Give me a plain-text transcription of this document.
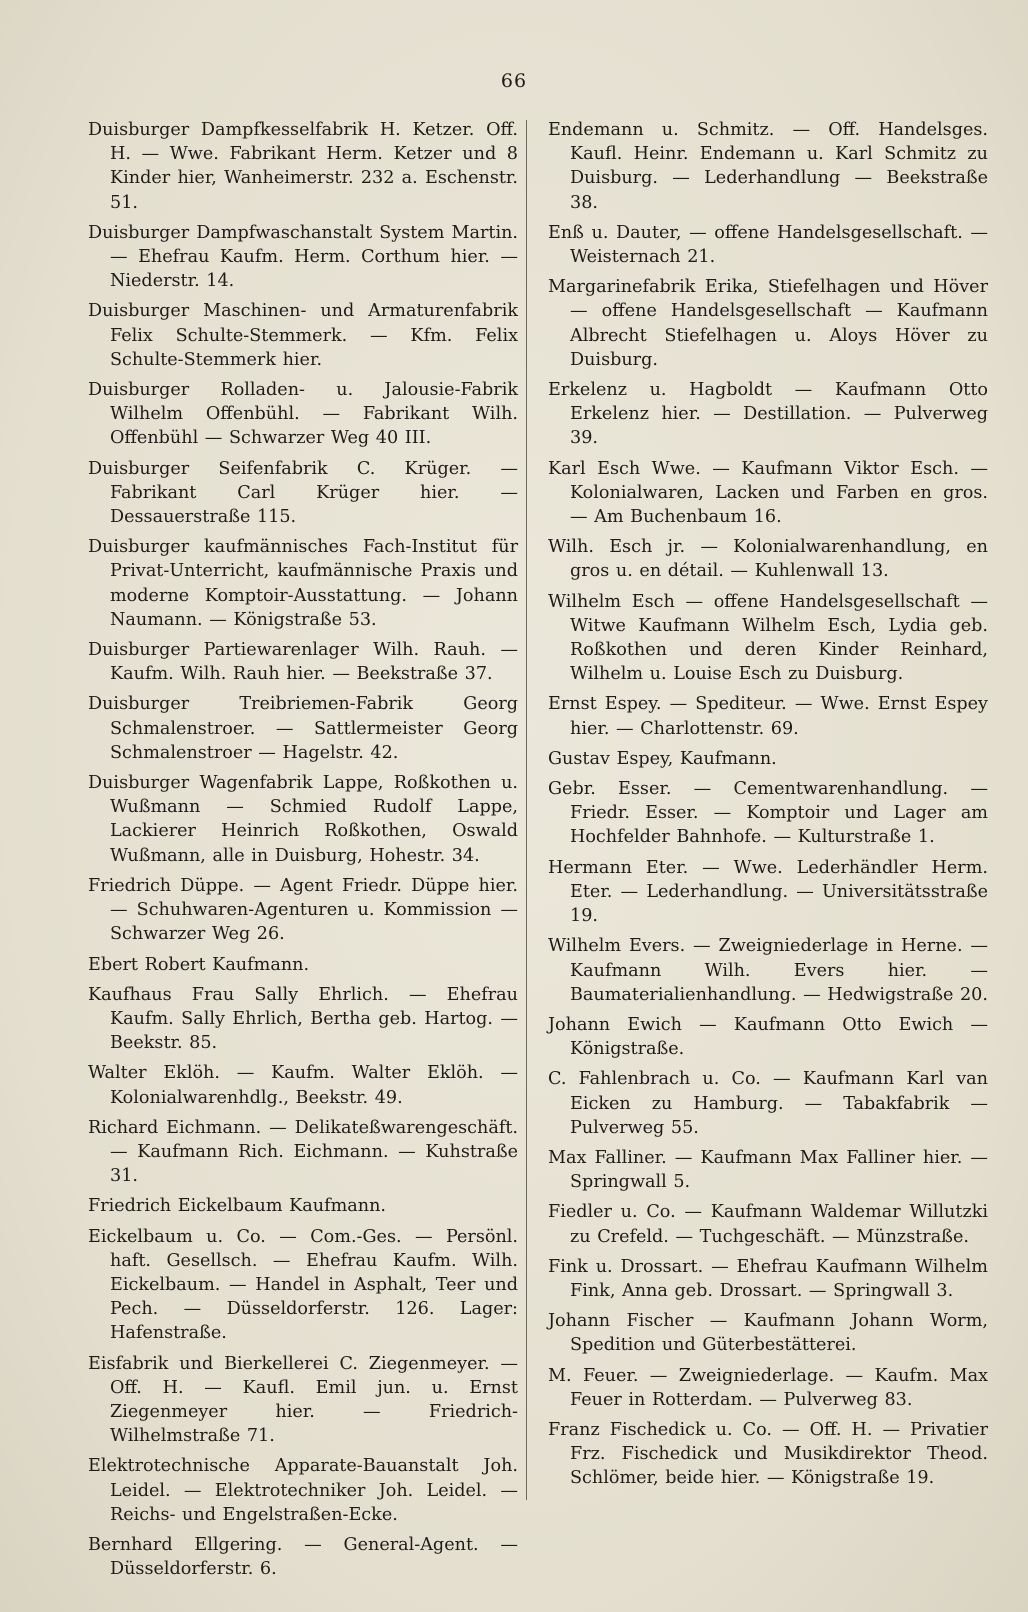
66

Duisburger Dampfkesselfabrik H. Ketzer. Off. H. — Wwe. Fabrikant Herm. Ketzer und 8 Kinder hier, Wanheimerstr. 232 a. Eschenstr. 51.

Duisburger Dampfwaschanstalt System Martin. — Ehefrau Kaufm. Herm. Corthum hier. — Niederstr. 14.

Duisburger Maschinen- und Armaturenfabrik Felix Schulte-Stemmerk. — Kfm. Felix Schulte-Stemmerk hier.

Duisburger Rolladen- u. Jalousie-Fabrik Wilhelm Offenbühl. — Fabrikant Wilh. Offenbühl — Schwarzer Weg 40 III.

Duisburger Seifenfabrik C. Krüger. — Fabrikant Carl Krüger hier. — Dessauerstraße 115.

Duisburger kaufmännisches Fach-Institut für Privat-Unterricht, kaufmännische Praxis und moderne Komptoir-Ausstattung. — Johann Naumann. — Königstraße 53.

Duisburger Partiewarenlager Wilh. Rauh. — Kaufm. Wilh. Rauh hier. — Beekstraße 37.

Duisburger Treibriemen-Fabrik Georg Schmalenstroer. — Sattlermeister Georg Schmalenstroer — Hagelstr. 42.

Duisburger Wagenfabrik Lappe, Roßkothen u. Wußmann — Schmied Rudolf Lappe, Lackierer Heinrich Roßkothen, Oswald Wußmann, alle in Duisburg, Hohestr. 34.

Friedrich Düppe. — Agent Friedr. Düppe hier. — Schuhwaren-Agenturen u. Kommission — Schwarzer Weg 26.

Ebert Robert Kaufmann.

Kaufhaus Frau Sally Ehrlich. — Ehefrau Kaufm. Sally Ehrlich, Bertha geb. Hartog. — Beekstr. 85.

Walter Eklöh. — Kaufm. Walter Eklöh. — Kolonialwarenhdlg., Beekstr. 49.

Richard Eichmann. — Delikateßwarengeschäft. — Kaufmann Rich. Eichmann. — Kuhstraße 31.

Friedrich Eickelbaum Kaufmann.

Eickelbaum u. Co. — Com.-Ges. — Persönl. haft. Gesellsch. — Ehefrau Kaufm. Wilh. Eickelbaum. — Handel in Asphalt, Teer und Pech. — Düsseldorferstr. 126. Lager: Hafenstraße.

Eisfabrik und Bierkellerei C. Ziegenmeyer. — Off. H. — Kaufl. Emil jun. u. Ernst Ziegenmeyer hier. — Friedrich-Wilhelmstraße 71.

Elektrotechnische Apparate-Bauanstalt Joh. Leidel. — Elektrotechniker Joh. Leidel. — Reichs- und Engelstraßen-Ecke.

Bernhard Ellgering. — General-Agent. — Düsseldorferstr. 6.

Endemann u. Schmitz. — Off. Handelsges. Kaufl. Heinr. Endemann u. Karl Schmitz zu Duisburg. — Lederhandlung — Beekstraße 38.

Enß u. Dauter, — offene Handelsgesellschaft. — Weisternach 21.

Margarinefabrik Erika, Stiefelhagen und Höver — offene Handelsgesellschaft — Kaufmann Albrecht Stiefelhagen u. Aloys Höver zu Duisburg.

Erkelenz u. Hagboldt — Kaufmann Otto Erkelenz hier. — Destillation. — Pulverweg 39.

Karl Esch Wwe. — Kaufmann Viktor Esch. — Kolonialwaren, Lacken und Farben en gros. — Am Buchenbaum 16.

Wilh. Esch jr. — Kolonialwarenhandlung, en gros u. en détail. — Kuhlenwall 13.

Wilhelm Esch — offene Handelsgesellschaft — Witwe Kaufmann Wilhelm Esch, Lydia geb. Roßkothen und deren Kinder Reinhard, Wilhelm u. Louise Esch zu Duisburg.

Ernst Espey. — Spediteur. — Wwe. Ernst Espey hier. — Charlottenstr. 69.

Gustav Espey, Kaufmann.

Gebr. Esser. — Cementwarenhandlung. — Friedr. Esser. — Komptoir und Lager am Hochfelder Bahnhofe. — Kulturstraße 1.

Hermann Eter. — Wwe. Lederhändler Herm. Eter. — Lederhandlung. — Universitätsstraße 19.

Wilhelm Evers. — Zweigniederlage in Herne. — Kaufmann Wilh. Evers hier. — Baumaterialienhandlung. — Hedwigstraße 20.

Johann Ewich — Kaufmann Otto Ewich — Königstraße.

C. Fahlenbrach u. Co. — Kaufmann Karl van Eicken zu Hamburg. — Tabakfabrik — Pulverweg 55.

Max Falliner. — Kaufmann Max Falliner hier. — Springwall 5.

Fiedler u. Co. — Kaufmann Waldemar Willutzki zu Crefeld. — Tuchgeschäft. — Münzstraße.

Fink u. Drossart. — Ehefrau Kaufmann Wilhelm Fink, Anna geb. Drossart. — Springwall 3.

Johann Fischer — Kaufmann Johann Worm, Spedition und Güterbestätterei.

M. Feuer. — Zweigniederlage. — Kaufm. Max Feuer in Rotterdam. — Pulverweg 83.

Franz Fischedick u. Co. — Off. H. — Privatier Frz. Fischedick und Musikdirektor Theod. Schlömer, beide hier. — Königstraße 19.
